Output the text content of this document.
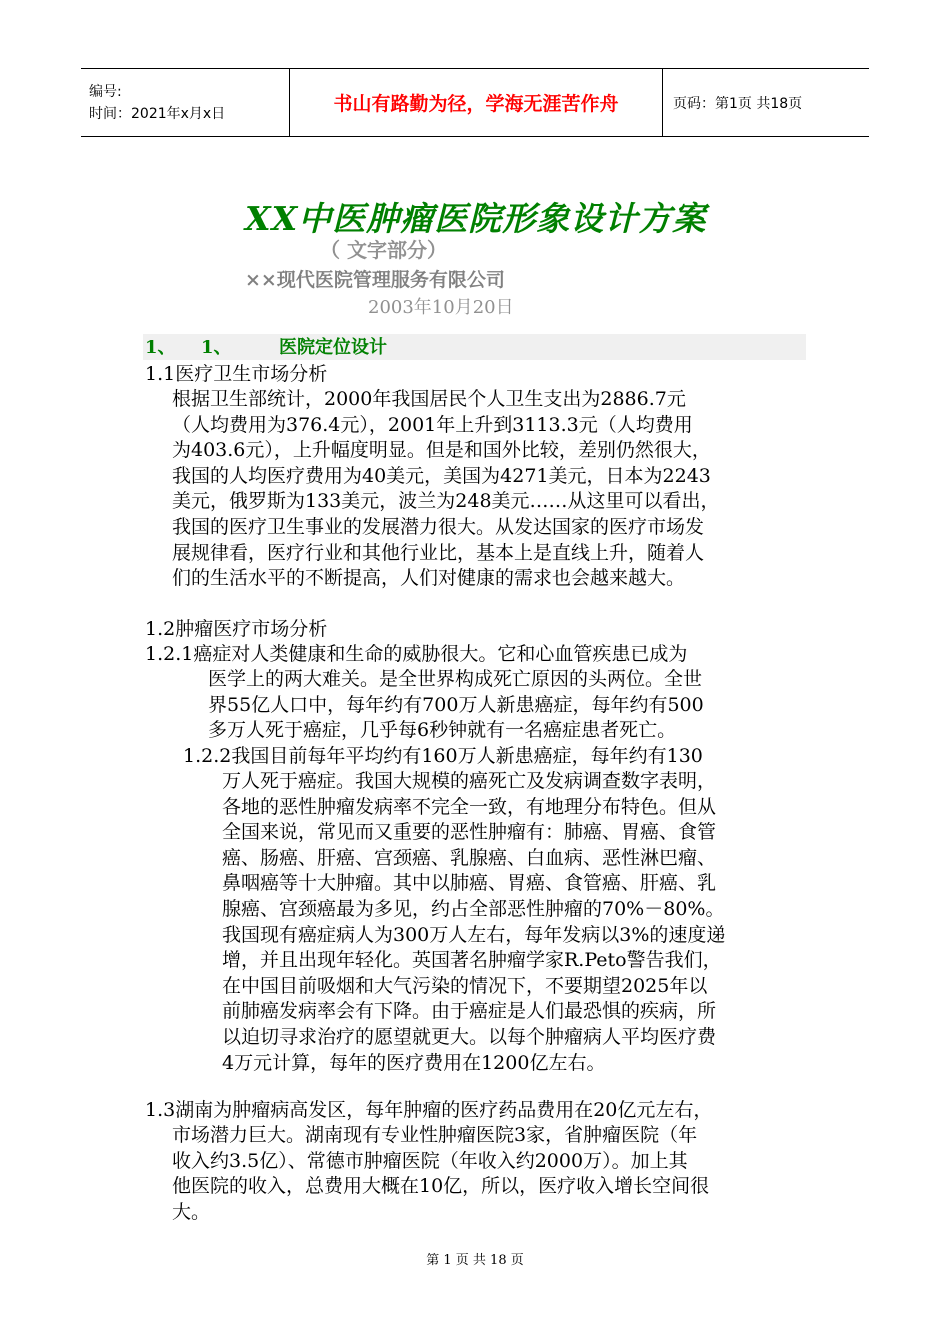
编号:
时间：2021年x月x日	书山有路勤为径，学海无涯苦作舟	页码：第1页 共18页
XX中医肿瘤医院形象设计方案
（ 文字部分）
××现代医院管理服务有限公司
2003年10月20日
1、 1、	医院定位设计

1.1医疗卫生市场分析

根据卫生部统计，2000年我国居民个人卫生支出为2886.7元
（人均费用为376.4元），2001年上升到3113.3元（人均费用
为403.6元），上升幅度明显。但是和国外比较，差别仍然很大，
我国的人均医疗费用为40美元，美国为4271美元，日本为2243
美元，俄罗斯为133美元，波兰为248美元……从这里可以看出，
我国的医疗卫生事业的发展潜力很大。从发达国家的医疗市场发
展规律看，医疗行业和其他行业比，基本上是直线上升，随着人
们的生活水平的不断提高，人们对健康的需求也会越来越大。

1.2肿瘤医疗市场分析

1.2.1癌症对人类健康和生命的威胁很大。它和心血管疾患已成为

医学上的两大难关。是全世界构成死亡原因的头两位。全世
界55亿人口中，每年约有700万人新患癌症，每年约有500
多万人死于癌症，几乎每6秒钟就有一名癌症患者死亡。

1.2.2我国目前每年平均约有160万人新患癌症，每年约有130

万人死于癌症。我国大规模的癌死亡及发病调查数字表明，
各地的恶性肿瘤发病率不完全一致，有地理分布特色。但从
全国来说，常见而又重要的恶性肿瘤有：肺癌、胃癌、食管
癌、肠癌、肝癌、宫颈癌、乳腺癌、白血病、恶性淋巴瘤、
鼻咽癌等十大肿瘤。其中以肺癌、胃癌、食管癌、肝癌、乳
腺癌、宫颈癌最为多见，约占全部恶性肿瘤的70%－80%。
我国现有癌症病人为300万人左右，每年发病以3%的速度递
增，并且出现年轻化。英国著名肿瘤学家R.Peto警告我们，
在中国目前吸烟和大气污染的情况下，不要期望2025年以
前肺癌发病率会有下降。由于癌症是人们最恐惧的疾病，所
以迫切寻求治疗的愿望就更大。以每个肿瘤病人平均医疗费
4万元计算，每年的医疗费用在1200亿左右。

1.3湖南为肿瘤病高发区，每年肿瘤的医疗药品费用在20亿元左右，

市场潜力巨大。湖南现有专业性肿瘤医院3家，省肿瘤医院（年
收入约3.5亿）、常德市肿瘤医院（年收入约2000万）。加上其
他医院的收入，总费用大概在10亿，所以，医疗收入增长空间很
大。
第 1 页 共 18 页
